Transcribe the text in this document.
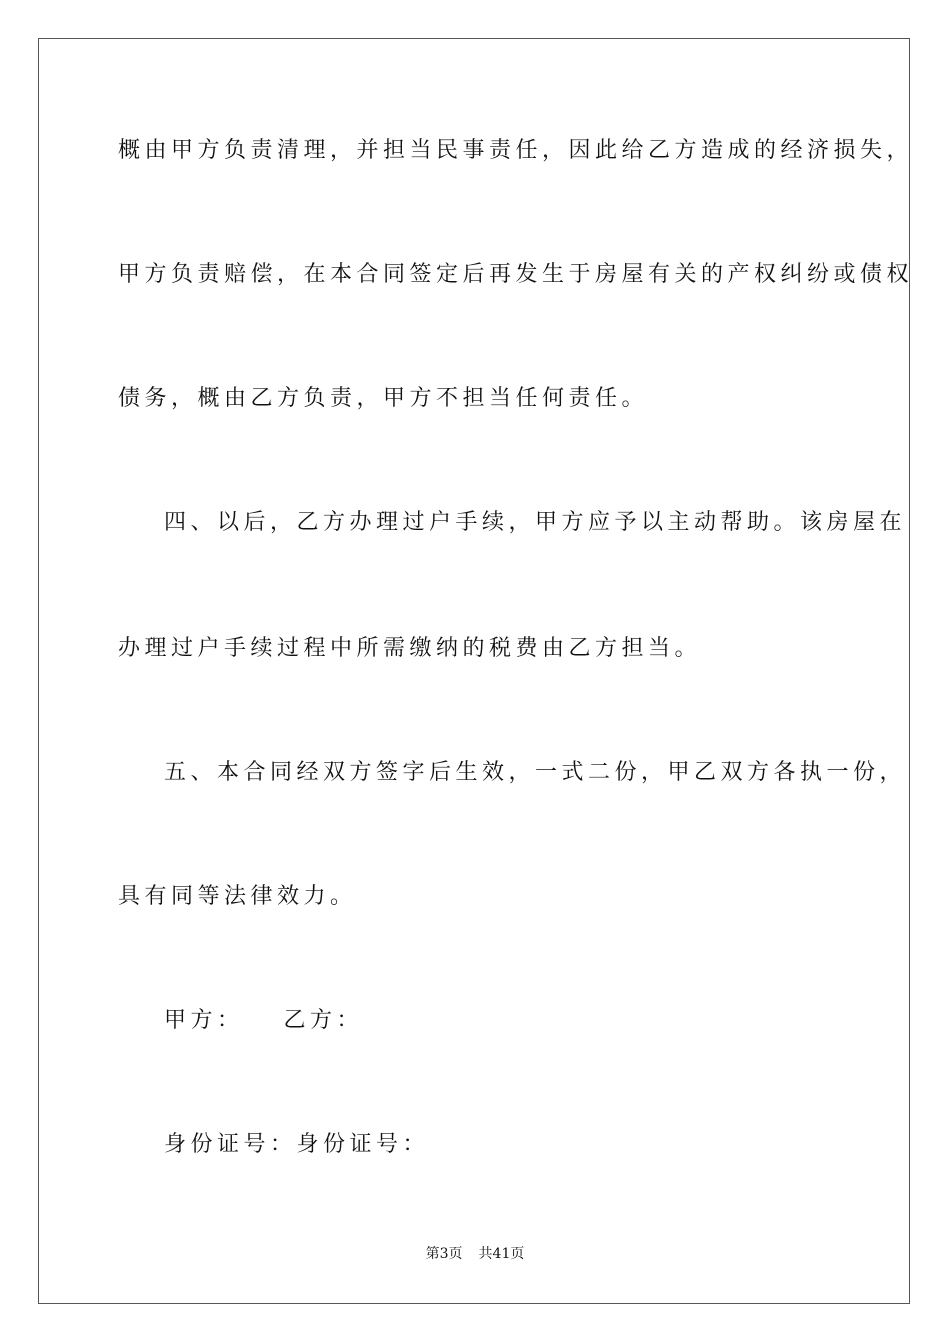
概由甲方负责清理，并担当民事责任，因此给乙方造成的经济损失，
甲方负责赔偿，在本合同签定后再发生于房屋有关的产权纠纷或债权
债务，概由乙方负责，甲方不担当任何责任。
四、以后，乙方办理过户手续，甲方应予以主动帮助。该房屋在
办理过户手续过程中所需缴纳的税费由乙方担当。
五、本合同经双方签字后生效，一式二份，甲乙双方各执一份，
具有同等法律效力。
甲方： 乙方：
身份证号：身份证号：
第3页 共41页
